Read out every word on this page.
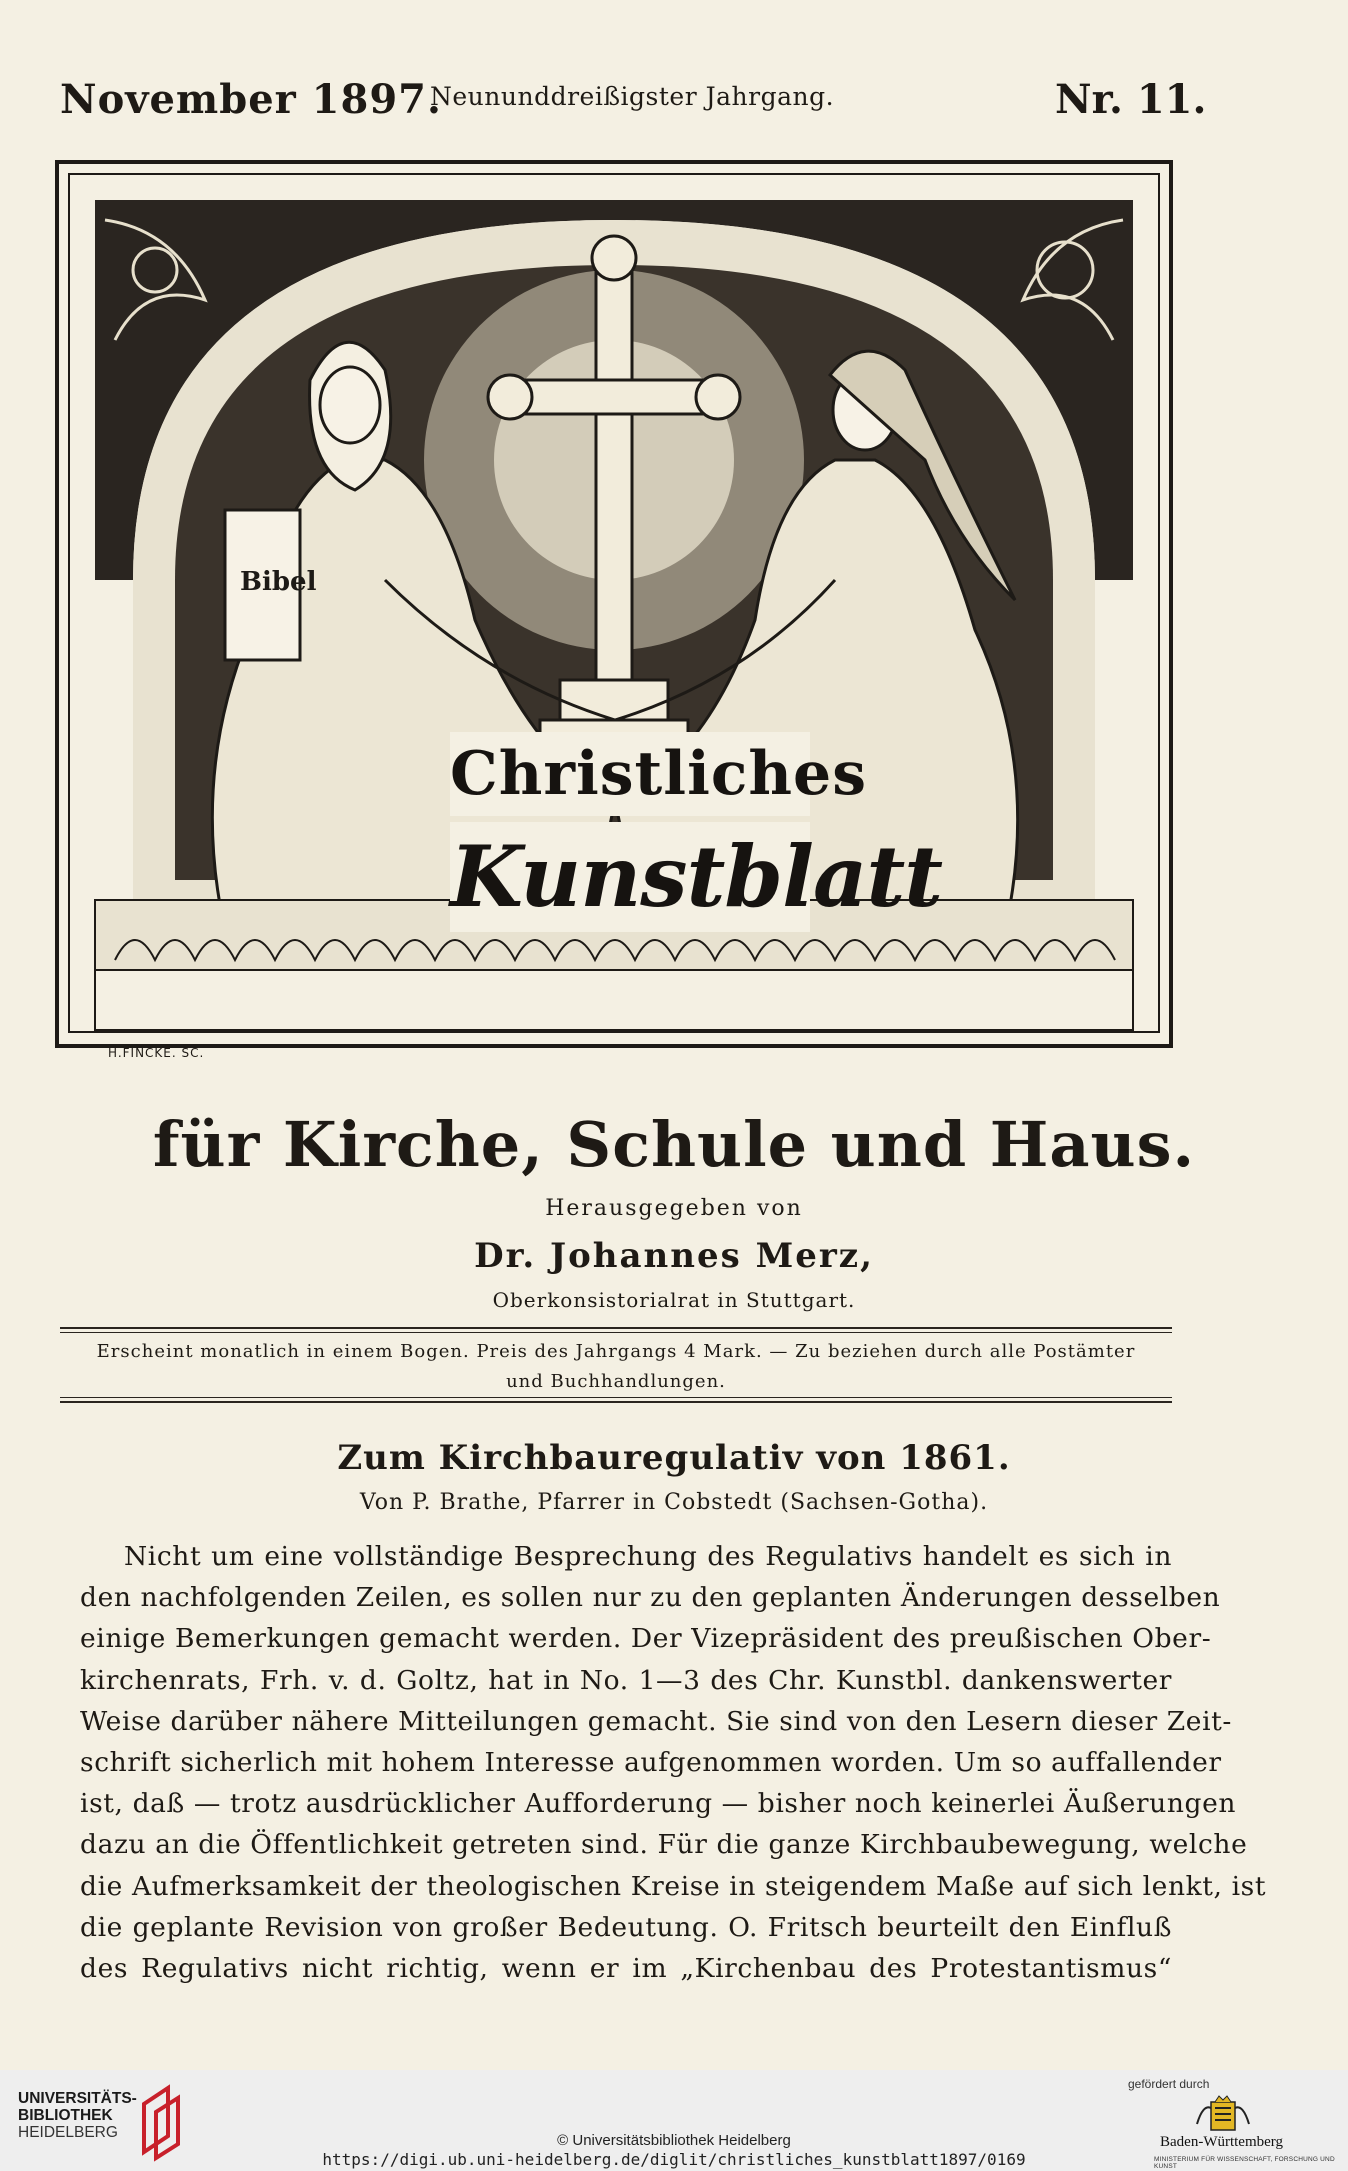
November 1897.
Neununddreißigster Jahrgang.	Nr. 11.
Bibel
Christliches
Kunstblatt
H.FINCKE. SC.
für Kirche, Schule und Haus.
Herausgegeben von
Dr. Johannes Merz,
Oberkonsistorialrat in Stuttgart.
Erscheint monatlich in einem Bogen. Preis des Jahrgangs 4 Mark. — Zu beziehen durch alle Postämter
und Buchhandlungen.
Zum Kirchbauregulativ von 1861.
Von P. Brathe, Pfarrer in Cobstedt (Sachsen-Gotha).
Nicht um eine vollständige Besprechung des Regulativs handelt es sich in
den nachfolgenden Zeilen, es sollen nur zu den geplanten Änderungen desselben
einige Bemerkungen gemacht werden. Der Vizepräsident des preußischen Ober-
kirchenrats, Frh. v. d. Goltz, hat in No. 1—3 des Chr. Kunstbl. dankenswerter
Weise darüber nähere Mitteilungen gemacht. Sie sind von den Lesern dieser Zeit-
schrift sicherlich mit hohem Interesse aufgenommen worden. Um so auffallender
ist, daß — trotz ausdrücklicher Aufforderung — bisher noch keinerlei Äußerungen
dazu an die Öffentlichkeit getreten sind. Für die ganze Kirchbaubewegung, welche
die Aufmerksamkeit der theologischen Kreise in steigendem Maße auf sich lenkt, ist
die geplante Revision von großer Bedeutung. O. Fritsch beurteilt den Einfluß
des Regulativs nicht richtig, wenn er im „Kirchenbau des Protestantismus“
UNIVERSITÄTS-
BIBLIOTHEK
HEIDELBERG	© Universitätsbibliothek Heidelberg
https://digi.ub.uni-heidelberg.de/diglit/christliches_kunstblatt1897/0169
gefördert durch
Baden-Württemberg
MINISTERIUM FÜR WISSENSCHAFT, FORSCHUNG UND KUNST
